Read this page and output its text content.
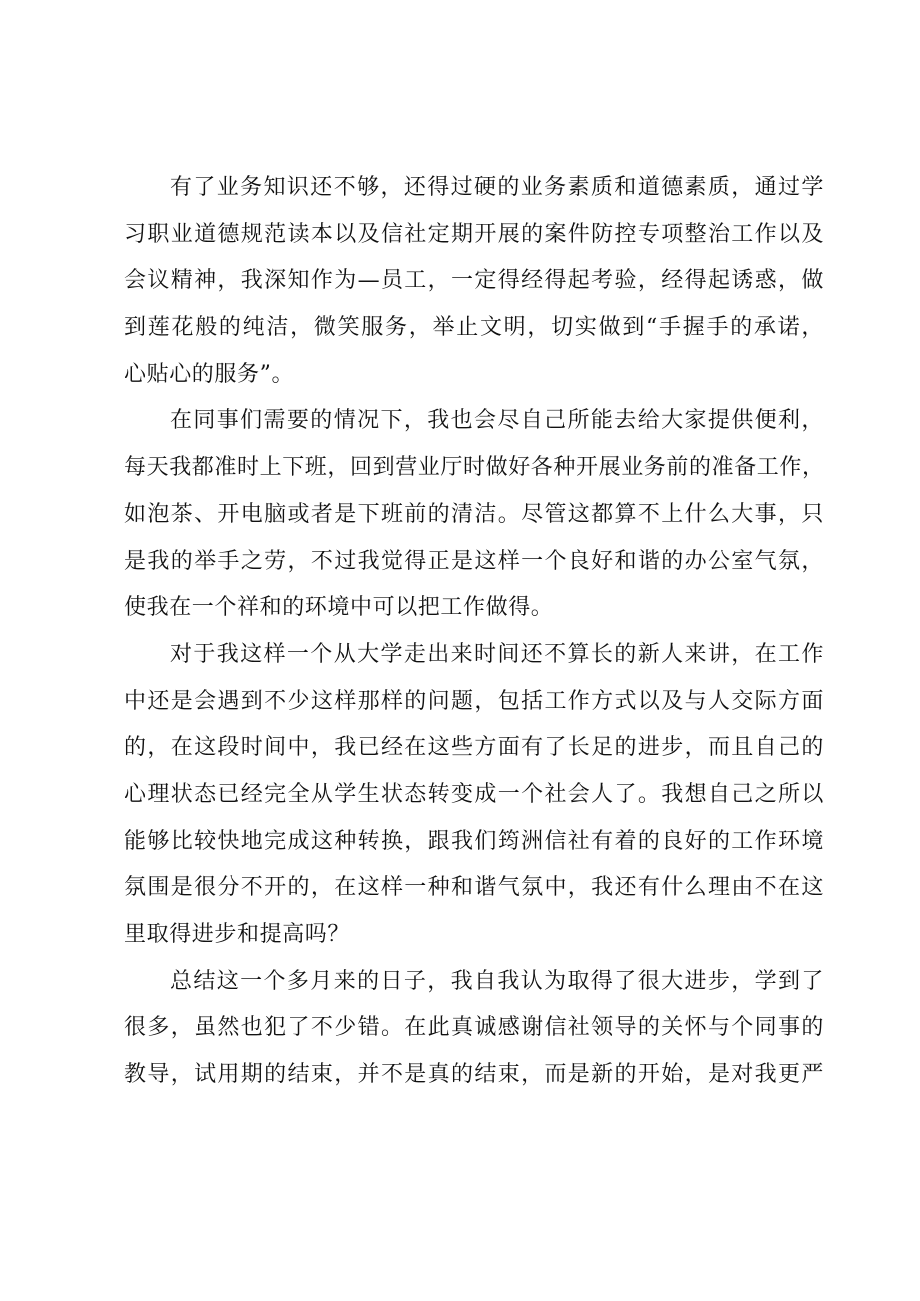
有了业务知识还不够，还得过硬的业务素质和道德素质，通过学
习职业道德规范读本以及信社定期开展的案件防控专项整治工作以及
会议精神，我深知作为—员工，一定得经得起考验，经得起诱惑，做
到莲花般的纯洁，微笑服务，举止文明，切实做到“手握手的承诺，
心贴心的服务”。
在同事们需要的情况下，我也会尽自己所能去给大家提供便利，
每天我都准时上下班，回到营业厅时做好各种开展业务前的准备工作，
如泡茶、开电脑或者是下班前的清洁。尽管这都算不上什么大事，只
是我的举手之劳，不过我觉得正是这样一个良好和谐的办公室气氛，
使我在一个祥和的环境中可以把工作做得。
对于我这样一个从大学走出来时间还不算长的新人来讲，在工作
中还是会遇到不少这样那样的问题，包括工作方式以及与人交际方面
的，在这段时间中，我已经在这些方面有了长足的进步，而且自己的
心理状态已经完全从学生状态转变成一个社会人了。我想自己之所以
能够比较快地完成这种转换，跟我们筠洲信社有着的良好的工作环境
氛围是很分不开的，在这样一种和谐气氛中，我还有什么理由不在这
里取得进步和提高吗？
总结这一个多月来的日子，我自我认为取得了很大进步，学到了
很多，虽然也犯了不少错。在此真诚感谢信社领导的关怀与个同事的
教导，试用期的结束，并不是真的结束，而是新的开始，是对我更严
